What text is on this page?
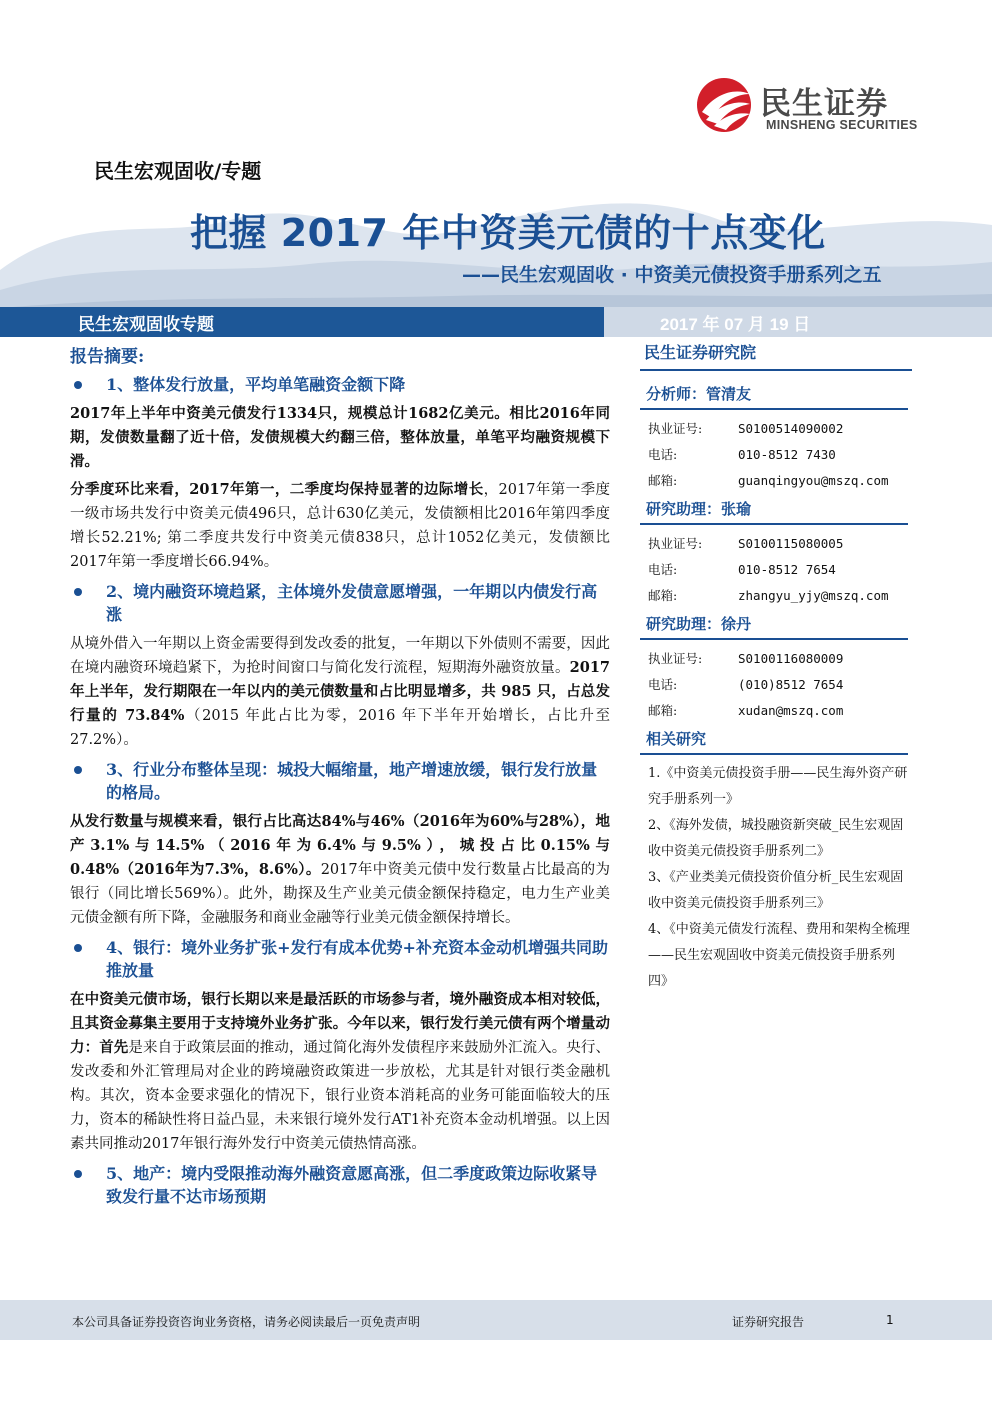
民生证券
MINSHENG SECURITIES
民生宏观固收/专题
把握 2017 年中资美元债的十点变化
——民生宏观固收 · 中资美元债投资手册系列之五
民生宏观固收专题	2017 年 07 月 19 日
报告摘要:
1、整体发行放量，平均单笔融资金额下降
2017年上半年中资美元债发行1334只，规模总计1682亿美元。相比2016年同期，发债数量翻了近十倍，发债规模大约翻三倍，整体放量，单笔平均融资规模下滑。
分季度环比来看，2017年第一，二季度均保持显著的边际增长，2017年第一季度一级市场共发行中资美元债496只，总计630亿美元，发债额相比2016年第四季度增长52.21%; 第二季度共发行中资美元债838只，总计1052亿美元，发债额比2017年第一季度增长66.94%。
2、境内融资环境趋紧，主体境外发债意愿增强，一年期以内债发行高涨
从境外借入一年期以上资金需要得到发改委的批复，一年期以下外债则不需要，因此在境内融资环境趋紧下，为抢时间窗口与简化发行流程，短期海外融资放量。2017 年上半年，发行期限在一年以内的美元债数量和占比明显增多，共 985 只，占总发行量的 73.84%（2015 年此占比为零，2016 年下半年开始增长，占比升至 27.2%）。
3、行业分布整体呈现：城投大幅缩量，地产增速放缓，银行发行放量的格局。
从发行数量与规模来看，银行占比高达84%与46%（2016年为60%与28%），地产3.1%与14.5%（2016年为6.4%与9.5%），城投占比0.15%与0.48%（2016年为7.3%，8.6%）。2017年中资美元债中发行数量占比最高的为银行（同比增长569%）。此外，勘探及生产业美元债金额保持稳定，电力生产业美元债金额有所下降，金融服务和商业金融等行业美元债金额保持增长。
4、银行：境外业务扩张+发行有成本优势+补充资本金动机增强共同助推放量
在中资美元债市场，银行长期以来是最活跃的市场参与者，境外融资成本相对较低，且其资金募集主要用于支持境外业务扩张。今年以来，银行发行美元债有两个增量动力：首先是来自于政策层面的推动，通过简化海外发债程序来鼓励外汇流入。央行、发改委和外汇管理局对企业的跨境融资政策进一步放松，尤其是针对银行类金融机构。其次，资本金要求强化的情况下，银行业资本消耗高的业务可能面临较大的压力，资本的稀缺性将日益凸显，未来银行境外发行AT1补充资本金动机增强。以上因素共同推动2017年银行海外发行中资美元债热情高涨。
5、地产：境内受限推动海外融资意愿高涨，但二季度政策边际收紧导致发行量不达市场预期
民生证券研究院
分析师：管清友
执业证号:	S0100514090002
电话:	010-8512 7430
邮箱:	guanqingyou@mszq.com
研究助理：张瑜
执业证号:	S0100115080005
电话:	010-8512 7654
邮箱:	zhangyu_yjy@mszq.com
研究助理：徐丹
执业证号:	S0100116080009
电话:	(010)8512 7654
邮箱:	xudan@mszq.com
相关研究
1.《中资美元债投资手册——民生海外资产研究手册系列一》
2、《海外发债，城投融资新突破_民生宏观固收中资美元债投资手册系列二》
3、《产业类美元债投资价值分析_民生宏观固收中资美元债投资手册系列三》
4、《中资美元债发行流程、费用和架构全梳理——民生宏观固收中资美元债投资手册系列四》
本公司具备证券投资咨询业务资格，请务必阅读最后一页免责声明	证券研究报告	1
